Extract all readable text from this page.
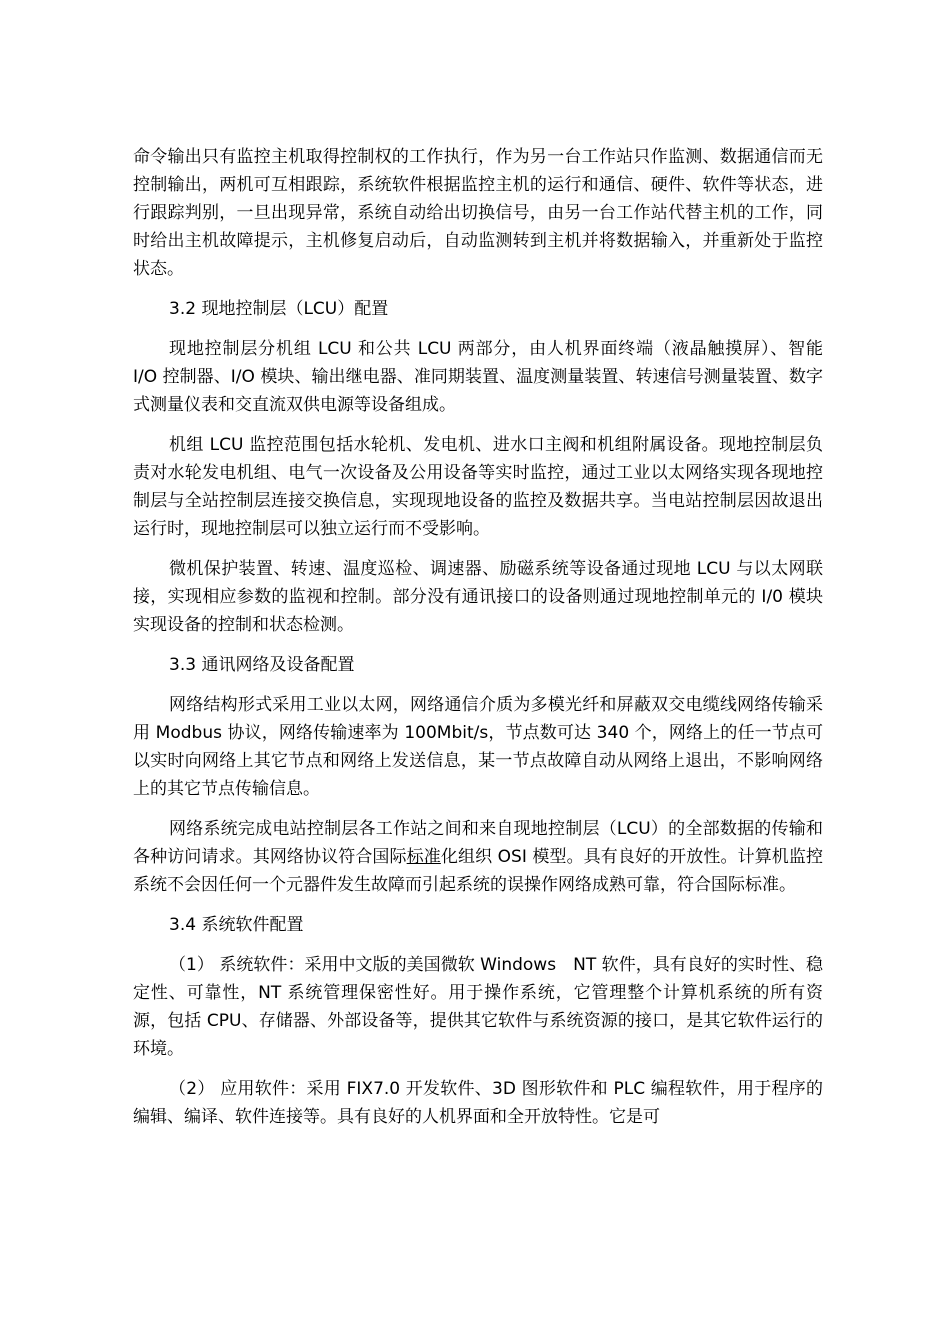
命令输出只有监控主机取得控制权的工作执行，作为另一台工作站只作监测、数据通信而无控制输出，两机可互相跟踪，系统软件根据监控主机的运行和通信、硬件、软件等状态，进行跟踪判别，一旦出现异常，系统自动给出切换信号，由另一台工作站代替主机的工作，同时给出主机故障提示，主机修复启动后，自动监测转到主机并将数据输入，并重新处于监控状态。

3.2 现地控制层（LCU）配置

现地控制层分机组 LCU 和公共 LCU 两部分，由人机界面终端（液晶触摸屏）、智能 I/O 控制器、I/O 模块、输出继电器、准同期装置、温度测量装置、转速信号测量装置、数字式测量仪表和交直流双供电源等设备组成。

机组 LCU 监控范围包括水轮机、发电机、进水口主阀和机组附属设备。现地控制层负责对水轮发电机组、电气一次设备及公用设备等实时监控，通过工业以太网络实现各现地控制层与全站控制层连接交换信息，实现现地设备的监控及数据共享。当电站控制层因故退出运行时，现地控制层可以独立运行而不受影响。

微机保护装置、转速、温度巡检、调速器、励磁系统等设备通过现地 LCU 与以太网联接，实现相应参数的监视和控制。部分没有通讯接口的设备则通过现地控制单元的 I/0 模块实现设备的控制和状态检测。

3.3 通讯网络及设备配置

网络结构形式采用工业以太网，网络通信介质为多模光纤和屏蔽双交电缆线网络传输采用 Modbus 协议，网络传输速率为 100Mbit/s，节点数可达 340 个，网络上的任一节点可以实时向网络上其它节点和网络上发送信息，某一节点故障自动从网络上退出，不影响网络上的其它节点传输信息。

网络系统完成电站控制层各工作站之间和来自现地控制层（LCU）的全部数据的传输和各种访问请求。其网络协议符合国际标准化组织 OSI 模型。具有良好的开放性。计算机监控系统不会因任何一个元器件发生故障而引起系统的误操作网络成熟可靠，符合国际标准。

3.4 系统软件配置

（1） 系统软件：采用中文版的美国微软 Windows　NT 软件，具有良好的实时性、稳定性、可靠性，NT 系统管理保密性好。用于操作系统，它管理整个计算机系统的所有资源，包括 CPU、存储器、外部设备等，提供其它软件与系统资源的接口，是其它软件运行的环境。

（2） 应用软件：采用 FIX7.0 开发软件、3D 图形软件和 PLC 编程软件，用于程序的编辑、编译、软件连接等。具有良好的人机界面和全开放特性。它是可
